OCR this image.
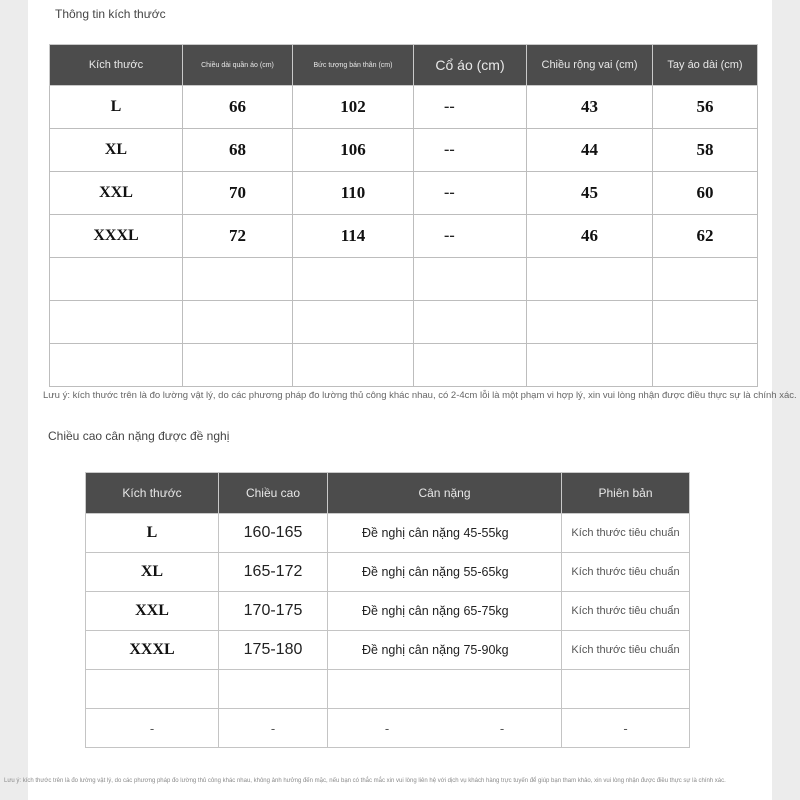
Thông tin kích thước
Kích thước	Chiều dài quần áo (cm)	Bức tượng bán thân (cm)	Cổ áo (cm)	Chiều rộng vai (cm)	Tay áo dài (cm)
L	66	102	--	43	56
XL	68	106	--	44	58
XXL	70	110	--	45	60
XXXL	72	114	--	46	62

Lưu ý: kích thước trên là đo lường vật lý, do các phương pháp đo lường thủ công khác nhau, có 2-4cm lỗi là một phạm vi hợp lý, xin vui lòng nhận được điều thực sự là chính xác.
Chiều cao cân nặng được đề nghị
Kích thước	Chiều cao	Cân nặng	Phiên bản
L	160-165	Đề nghị cân nặng 45-55kg	Kích thước tiêu chuẩn
XL	165-172	Đề nghị cân nặng 55-65kg	Kích thước tiêu chuẩn
XXL	170-175	Đề nghị cân nặng 65-75kg	Kích thước tiêu chuẩn
XXXL	175-180	Đề nghị cân nặng 75-90kg	Kích thước tiêu chuẩn

-	-	- -	-
Lưu ý: kích thước trên là đo lường vật lý, do các phương pháp đo lường thủ công khác nhau, không ảnh hưởng đến mặc, nếu bạn có thắc mắc xin vui lòng liên hệ với dịch vụ khách hàng trực tuyến để giúp bạn tham khảo, xin vui lòng nhận được điều thực sự là chính xác.
